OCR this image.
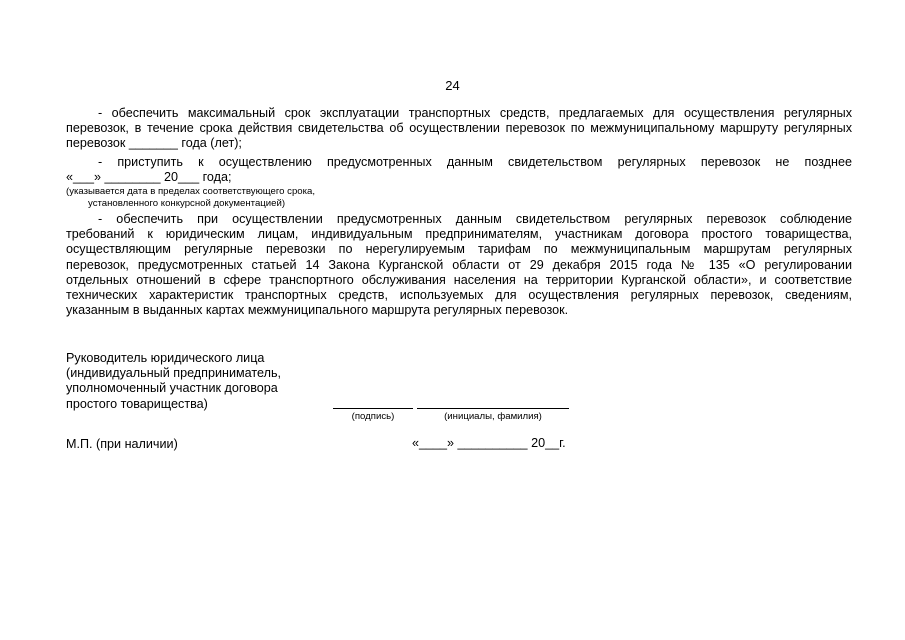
24
- обеспечить максимальный срок эксплуатации транспортных средств, предлагаемых для осуществления регулярных
перевозок, в течение срока действия свидетельства об осуществлении перевозок по межмуниципальному маршруту регулярных
перевозок _______ года (лет);
- приступить к осуществлению предусмотренных данным свидетельством регулярных перевозок не позднее
«___» ________ 20___ года;
(указывается дата в пределах соответствующего срока,
установленного конкурсной документацией)
- обеспечить при осуществлении предусмотренных данным свидетельством регулярных перевозок соблюдение
требований к юридическим лицам, индивидуальным предпринимателям, участникам договора простого товарищества,
осуществляющим регулярные перевозки по нерегулируемым тарифам по межмуниципальным маршрутам регулярных
перевозок, предусмотренных статьей 14 Закона Курганской области от 29 декабря 2015 года № 135 «О регулировании
отдельных отношений в сфере транспортного обслуживания населения на территории Курганской области», и соответствие
технических характеристик транспортных средств, используемых для осуществления регулярных перевозок, сведениям,
указанным в выданных картах межмуниципального маршрута регулярных перевозок.
Руководитель юридического лица
(индивидуальный предприниматель,
уполномоченный участник договора
простого товарищества)
(подпись)	(инициалы, фамилия)
М.П. (при наличии)	«____» __________ 20__г.
